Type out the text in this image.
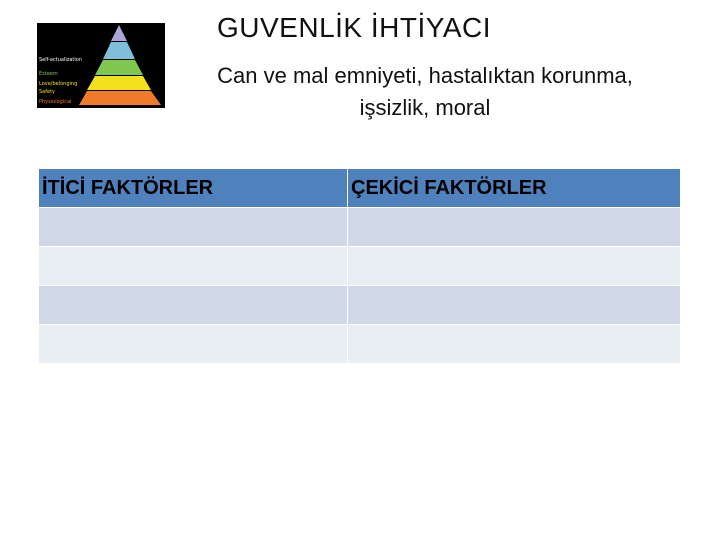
Self-actualization
Esteem
Love/belonging
Safety
Physiological
GUVENLİK İHTİYACI
Can ve mal emniyeti, hastalıktan korunma, işsizlik, moral
İTİCİ FAKTÖRLER	ÇEKİCİ FAKTÖRLER
